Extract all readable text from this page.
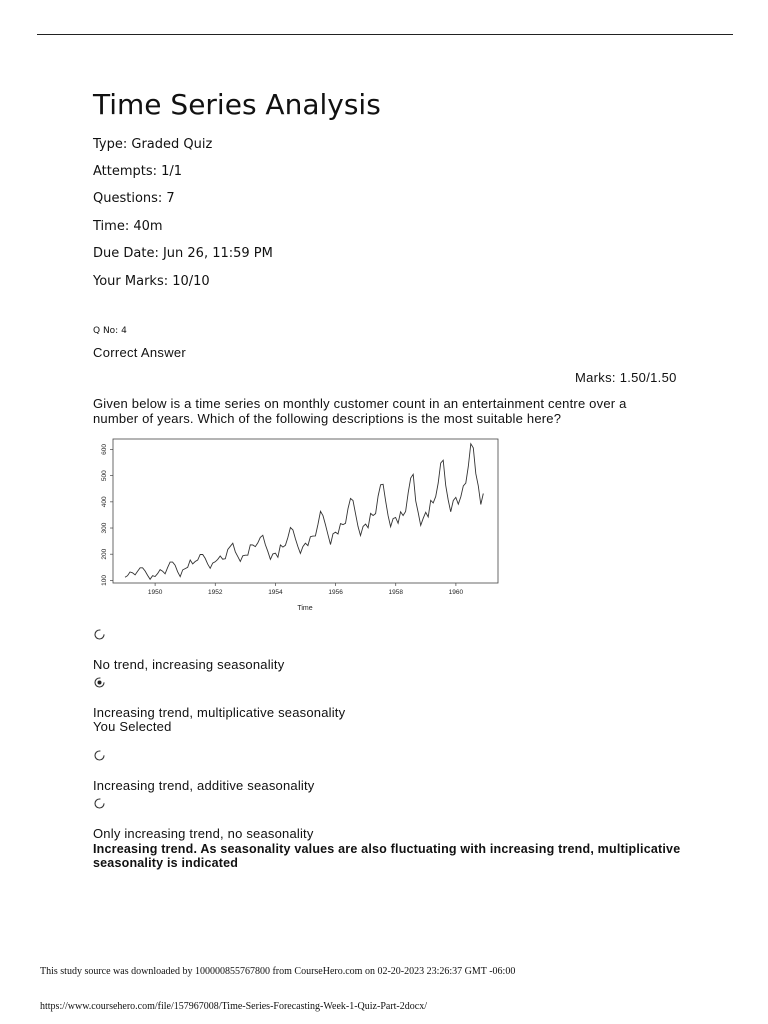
Time Series Analysis
Type: Graded Quiz
Attempts: 1/1
Questions: 7
Time: 40m
Due Date: Jun 26, 11:59 PM
Your Marks: 10/10
Q No: 4
Correct Answer
Marks: 1.50/1.50
Given below is a time series on monthly customer count in an entertainment centre over a number of years. Which of the following descriptions is the most suitable here?
1950	1952	1954	1956	1958	1960
100
200
300
400
500
600
Time
No trend, increasing seasonality
Increasing trend, multiplicative seasonality
You Selected
Increasing trend, additive seasonality
Only increasing trend, no seasonality
Increasing trend. As seasonality values are also fluctuating with increasing trend, multiplicative seasonality is indicated
This study source was downloaded by 100000855767800 from CourseHero.com on 02-20-2023 23:26:37 GMT -06:00
https://www.coursehero.com/file/157967008/Time-Series-Forecasting-Week-1-Quiz-Part-2docx/
